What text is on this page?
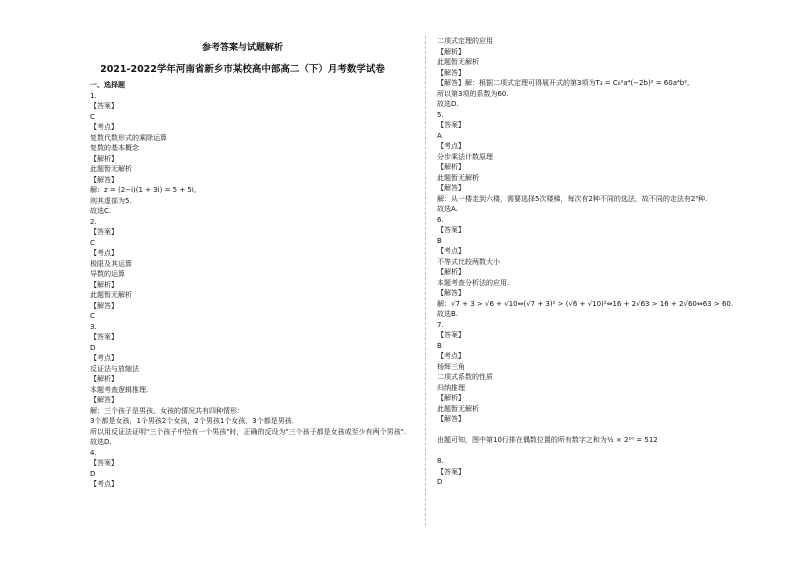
参考答案与试题解析
2021-2022学年河南省新乡市某校高中部高二（下）月考数学试卷
一、选择题
1.
【答案】
C
【考点】
复数代数形式的乘除运算
复数的基本概念
【解析】
此题暂无解析
【解答】
解：z = (2−i)(1 + 3i) = 5 + 5i,
则其虚部为5.
故选C.
2.
【答案】
C
【考点】
极限及其运算
导数的运算
【解析】
此题暂无解析
【解答】
C
3.
【答案】
D
【考点】
反证法与放缩法
【解析】
本题考查逻辑推理.
【解答】
解：三个孩子是男孩、女孩的情况共有四种情形：
3个都是女孩，1个男孩2个女孩，2个男孩1个女孩，3个都是男孩.
所以用反证法证明"三个孩子中恰有一个男孩"时，正确的反设为"三个孩子都是女孩或至少有两个男孩".
故选D.
4.
【答案】
D
【考点】
二项式定理的应用
【解析】
此题暂无解析
【解答】
【解答】解：根据二项式定理可得展开式的第3项为T₃ = C₆²a⁴(−2b)² = 60a⁴b²,
所以第3项的系数为60.
故选D.
5.
【答案】
A
【考点】
分步乘法计数原理
【解析】
此题暂无解析
【解答】
解：从一楼走到六楼，需要选择5次楼梯，每次有2种不同的选法，故不同的走法有2⁵种.
故选A.
6.
【答案】
B
【考点】
不等式比较两数大小
【解析】
本题考查分析法的应用.
【解答】
解：√7 + 3 > √6 + √10⇔(√7 + 3)² > (√6 + √10)²⇔16 + 2√63 > 16 + 2√60⇔63 > 60.
故选B.
7.
【答案】
B
【考点】
杨辉三角
二项式系数的性质
归纳推理
【解析】
此题暂无解析
【解答】
由题可知，图中第10行排在偶数位置的所有数字之和为½ × 2¹⁰ = 512
8.
【答案】
D
